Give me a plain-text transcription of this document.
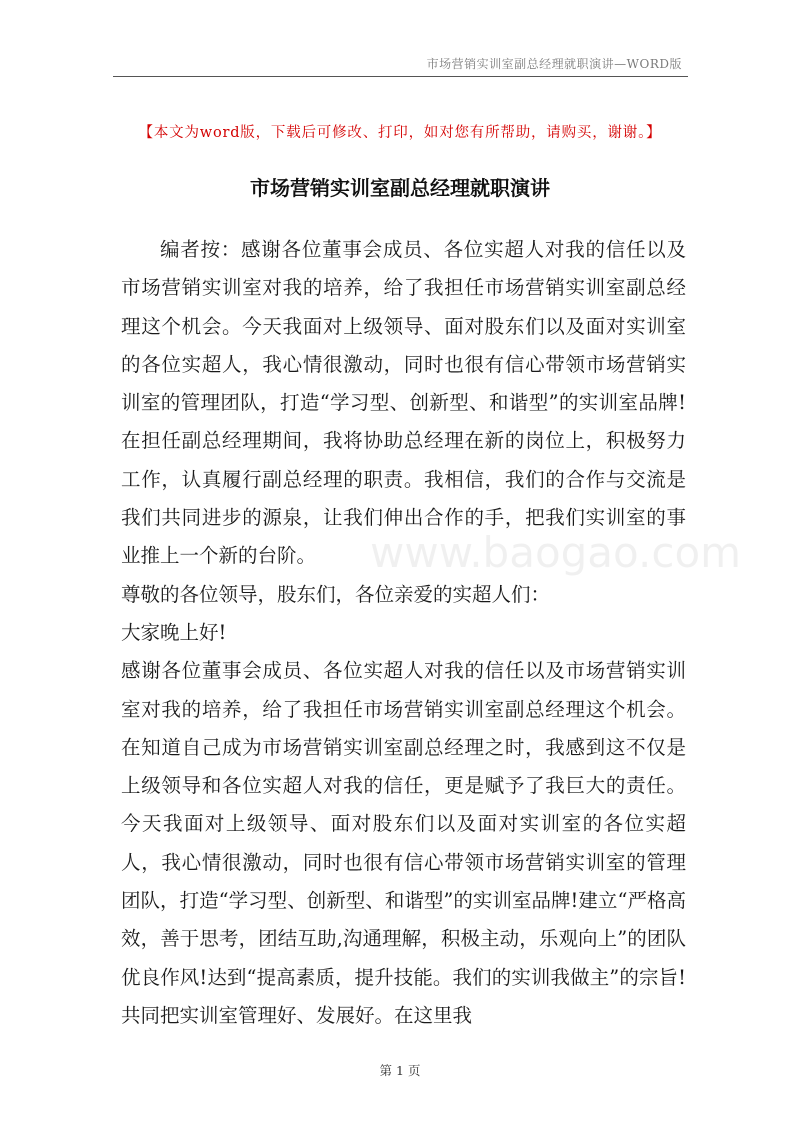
市场营销实训室副总经理就职演讲—WORD版
【本文为word版，下载后可修改、打印，如对您有所帮助，请购买，谢谢。】
市场营销实训室副总经理就职演讲

编者按：感谢各位董事会成员、各位实超人对我的信任以及市场营销实训室对我的培养，给了我担任市场营销实训室副总经理这个机会。今天我面对上级领导、面对股东们以及面对实训室的各位实超人，我心情很激动，同时也很有信心带领市场营销实训室的管理团队，打造“学习型、创新型、和谐型”的实训室品牌!在担任副总经理期间，我将协助总经理在新的岗位上，积极努力工作，认真履行副总经理的职责。我相信，我们的合作与交流是我们共同进步的源泉，让我们伸出合作的手，把我们实训室的事业推上一个新的台阶。

尊敬的各位领导，股东们，各位亲爱的实超人们：

大家晚上好!

感谢各位董事会成员、各位实超人对我的信任以及市场营销实训室对我的培养，给了我担任市场营销实训室副总经理这个机会。在知道自己成为市场营销实训室副总经理之时，我感到这不仅是上级领导和各位实超人对我的信任，更是赋予了我巨大的责任。今天我面对上级领导、面对股东们以及面对实训室的各位实超人，我心情很激动，同时也很有信心带领市场营销实训室的管理团队，打造“学习型、创新型、和谐型”的实训室品牌!建立“严格高效，善于思考，团结互助,沟通理解，积极主动，乐观向上”的团队优良作风!达到“提高素质，提升技能。我们的实训我做主”的宗旨!共同把实训室管理好、发展好。在这里我

www.baogao.com
第 1 页
